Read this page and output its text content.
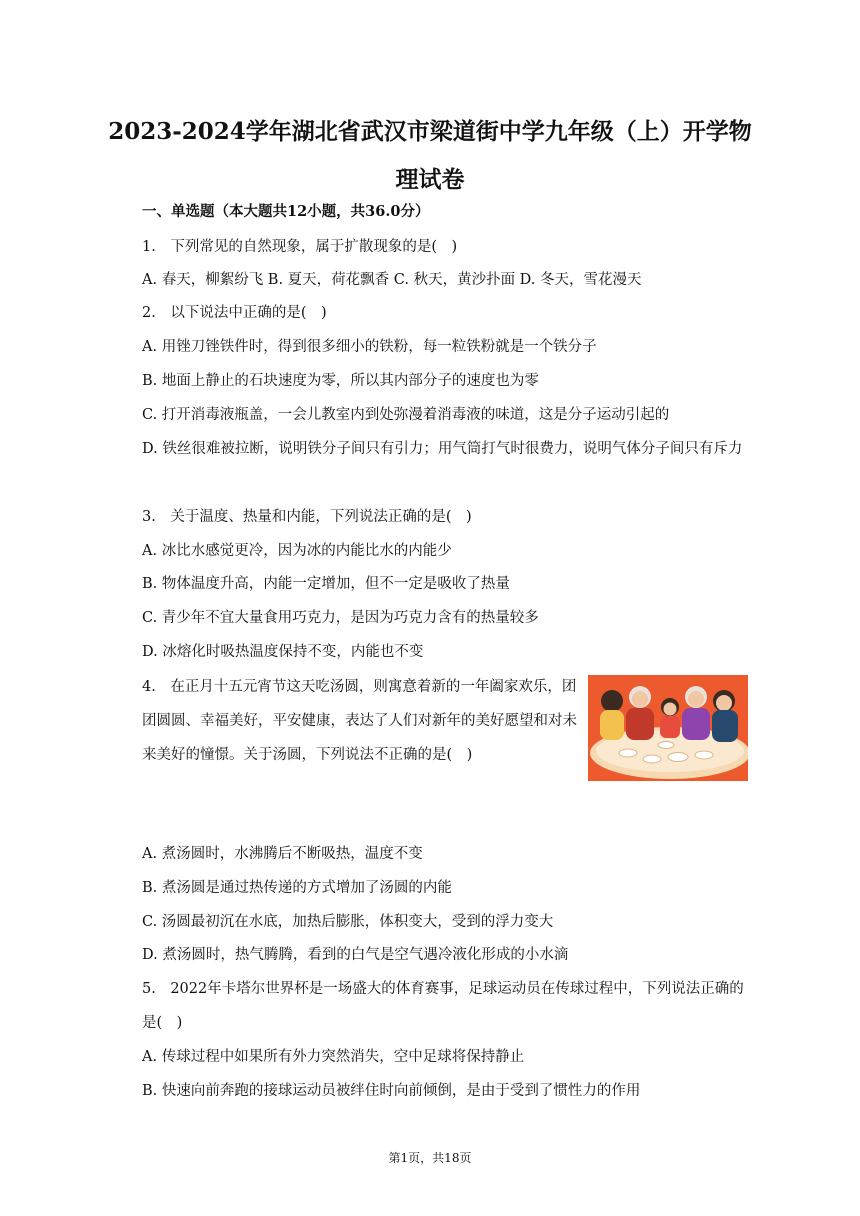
2023-2024学年湖北省武汉市梁道街中学九年级（上）开学物理试卷
一、单选题（本大题共12小题，共36.0分）
1.　下列常见的自然现象，属于扩散现象的是(　)
A. 春天，柳絮纷飞 B. 夏天，荷花飘香 C. 秋天，黄沙扑面 D. 冬天，雪花漫天
2.　以下说法中正确的是(　)
A. 用锉刀锉铁件时，得到很多细小的铁粉，每一粒铁粉就是一个铁分子
B. 地面上静止的石块速度为零，所以其内部分子的速度也为零
C. 打开消毒液瓶盖，一会儿教室内到处弥漫着消毒液的味道，这是分子运动引起的
D. 铁丝很难被拉断，说明铁分子间只有引力；用气筒打气时很费力，说明气体分子间只有斥力
3.　关于温度、热量和内能，下列说法正确的是(　)
A. 冰比水感觉更冷，因为冰的内能比水的内能少
B. 物体温度升高，内能一定增加，但不一定是吸收了热量
C. 青少年不宜大量食用巧克力，是因为巧克力含有的热量较多
D. 冰熔化时吸热温度保持不变，内能也不变
4.　在正月十五元宵节这天吃汤圆，则寓意着新的一年阖家欢乐，团团圆圆、幸福美好，平安健康，表达了人们对新年的美好愿望和对未来美好的憧憬。关于汤圆，下列说法不正确的是(　)
A. 煮汤圆时，水沸腾后不断吸热，温度不变
B. 煮汤圆是通过热传递的方式增加了汤圆的内能
C. 汤圆最初沉在水底，加热后膨胀，体积变大，受到的浮力变大
D. 煮汤圆时，热气腾腾，看到的白气是空气遇冷液化形成的小水滴
5.　2022年卡塔尔世界杯是一场盛大的体育赛事，足球运动员在传球过程中，下列说法正确的是(　)
A. 传球过程中如果所有外力突然消失，空中足球将保持静止
B. 快速向前奔跑的接球运动员被绊住时向前倾倒，是由于受到了惯性力的作用
第1页，共18页
